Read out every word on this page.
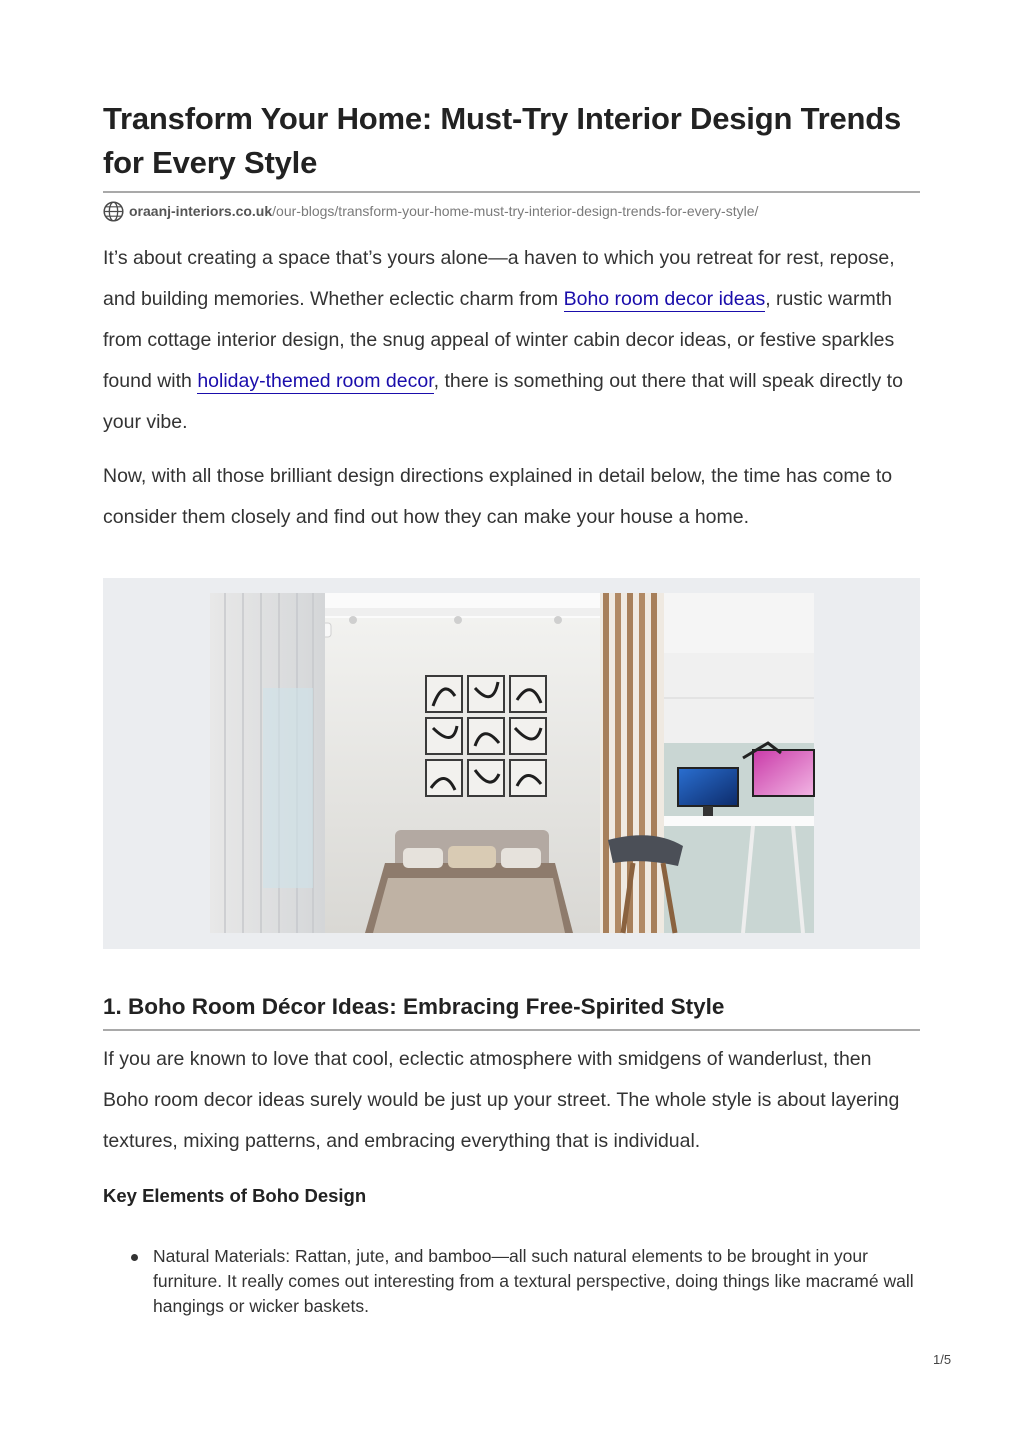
Transform Your Home: Must-Try Interior Design Trends for Every Style
oraanj-interiors.co.uk /our-blogs/transform-your-home-must-try-interior-design-trends-for-every-style/

It’s about creating a space that’s yours alone—a haven to which you retreat for rest, repose, and building memories. Whether eclectic charm from Boho room decor ideas, rustic warmth from cottage interior design, the snug appeal of winter cabin decor ideas, or festive sparkles found with holiday-themed room decor, there is something out there that will speak directly to your vibe.

Now, with all those brilliant design directions explained in detail below, the time has come to consider them closely and find out how they can make your house a home.

1. Boho Room Décor Ideas: Embracing Free-Spirited Style

If you are known to love that cool, eclectic atmosphere with smidgens of wanderlust, then Boho room decor ideas surely would be just up your street. The whole style is about layering textures, mixing patterns, and embracing everything that is individual.

Key Elements of Boho Design
Natural Materials: Rattan, jute, and bamboo—all such natural elements to be brought in your furniture. It really comes out interesting from a textural perspective, doing things like macramé wall hangings or wicker baskets.
1/5
